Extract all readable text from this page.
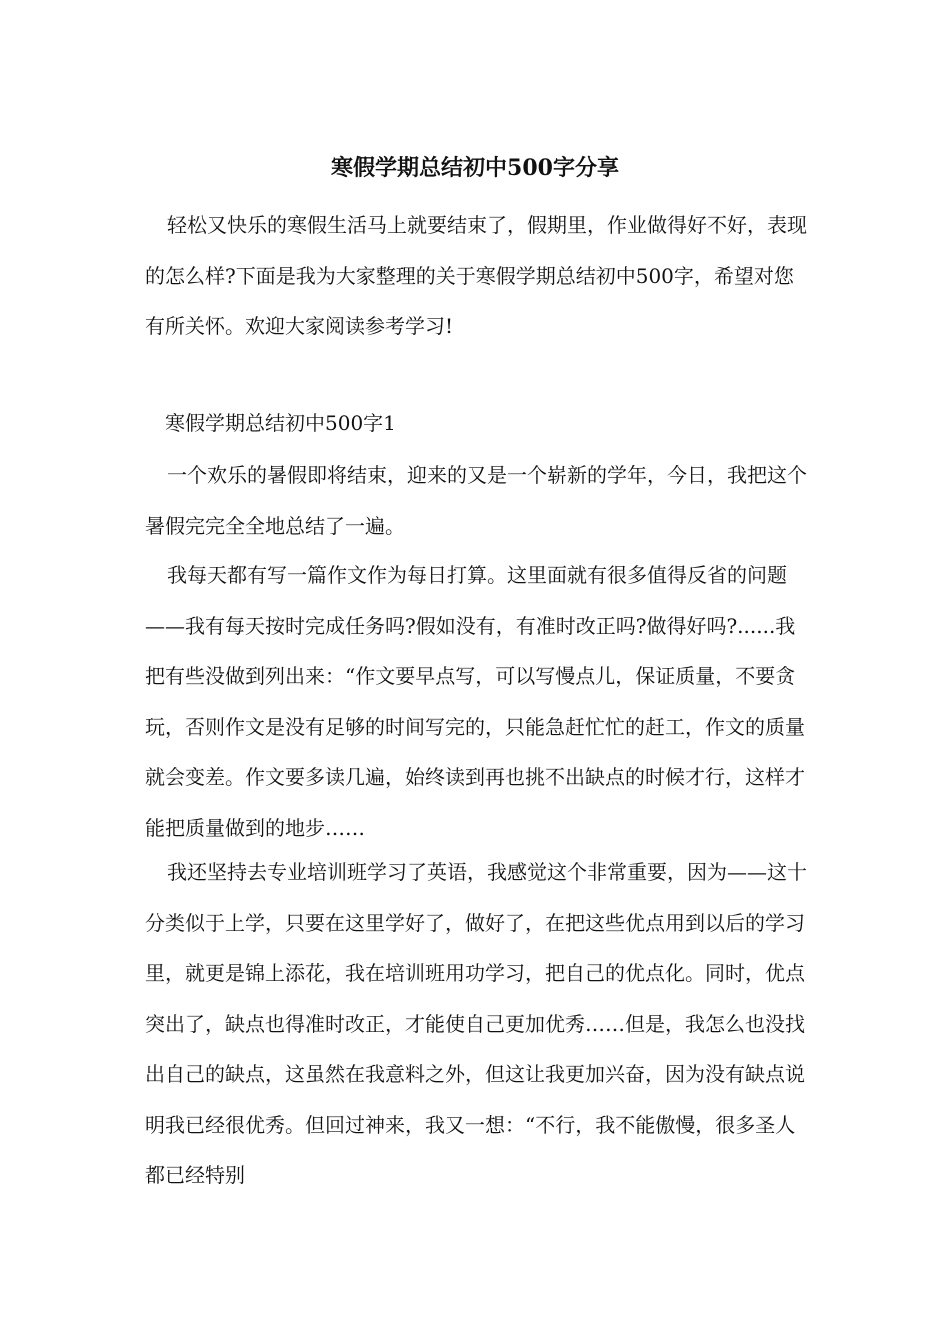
寒假学期总结初中500字分享

轻松又快乐的寒假生活马上就要结束了，假期里，作业做得好不好，表现的怎么样?下面是我为大家整理的关于寒假学期总结初中500字，希望对您有所关怀。欢迎大家阅读参考学习!

寒假学期总结初中500字1

一个欢乐的暑假即将结束，迎来的又是一个崭新的学年，今日，我把这个暑假完完全全地总结了一遍。

我每天都有写一篇作文作为每日打算。这里面就有很多值得反省的问题——我有每天按时完成任务吗?假如没有，有准时改正吗?做得好吗?......我把有些没做到列出来：“作文要早点写，可以写慢点儿，保证质量，不要贪玩，否则作文是没有足够的时间写完的，只能急赶忙忙的赶工，作文的质量就会变差。作文要多读几遍，始终读到再也挑不出缺点的时候才行，这样才能把质量做到的地步……

我还坚持去专业培训班学习了英语，我感觉这个非常重要，因为——这十分类似于上学，只要在这里学好了，做好了，在把这些优点用到以后的学习里，就更是锦上添花，我在培训班用功学习，把自己的优点化。同时，优点突出了，缺点也得准时改正，才能使自己更加优秀……但是，我怎么也没找出自己的缺点，这虽然在我意料之外，但这让我更加兴奋，因为没有缺点说明我已经很优秀。但回过神来，我又一想：“不行，我不能傲慢，很多圣人都已经特别
